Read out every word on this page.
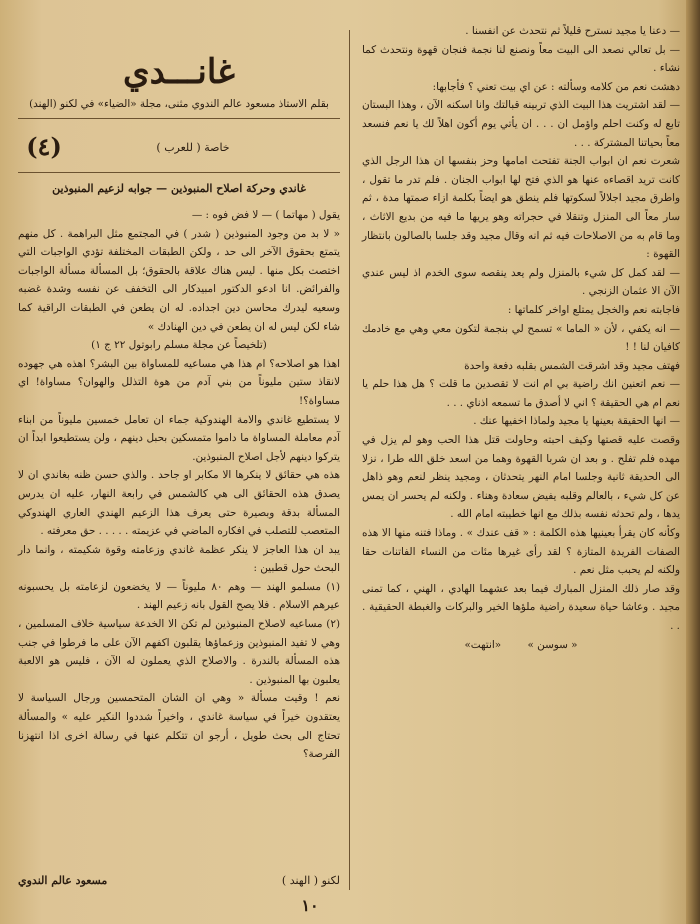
— دعنا يا مجيد نسترح قليلاً ثم نتحدث عن انفسنا .

— بل تعالي نصعد الى البيت معاً ونصنع لنا نجمة فنجان قهوة ونتحدث كما نشاء .

دهشت نعم من كلامه وسألته : عن اي بيت تعني ؟ فأجابها:

— لقد اشتريت هذا البيت الذي تربينه قبالتك وانا اسكنه الآن ، وهذا البستان تابع له وكنت احلم واؤمل ان . . . ان يأتي يوم أكون اهلاً لك يا نعم فنسعد معاً بحياتنا المشتركة . . .

شعرت نعم ان ابواب الجنة تفتحت امامها وحز بنفسها ان هذا الرجل الذي كانت تريد اقصاءه عنها هو الذي فتح لها ابواب الجنان . فلم تدر ما تقول ، واطرق مجيد اجلالاً لسكوتها فلم ينطق هو ايضاً بكلمة ازاء صمتها مدة ، ثم سار معاً الى المنزل وتنقلا في حجراته وهو يريها ما فيه من بديع الاثاث ، وما قام به من الاصلاحات فيه ثم انه وقال مجيد وقد جلسا بالصالون بانتظار القهوة :

— لقد كمل كل شيء بالمنزل ولم يعد ينقصه سوى الخدم اذ ليس عندي الآن الا عثمان الزنجي .

فاجابته نعم والخجل يمتلع اواخر كلماتها :

— انه يكفي ، لأن « الماما » تسمح لي بنجمة لتكون معي وهي مع خادمك كافيان لنا ! !

فهتف مجيد وقد اشرقت الشمس بقلبه دفعة واحدة

— نعم اتعنين انك راضية بي ام انت لا تقصدين ما قلت ؟ هل هذا حلم يا نعم ام هي الحقيقة ؟ اني لا أصدق ما تسمعه اذناي . . .

— انها الحقيقة بعينها يا مجيد ولماذا اخفيها عنك .

وقصت عليه قصتها وكيف احبته وحاولت قتل هذا الحب وهو لم يزل في مهده فلم تفلح . و بعد ان شربا القهوة وهما من اسعد خلق الله طرا ، نزلا الى الحديقة ثانية وجلسا امام النهر يتحدثان ، ومجيد ينظر لنعم وهو ذاهل عن كل شيء ، بالعالم وقلبه يفيض سعادة وهناء . ولكنه لم يحسر ان يمس يدها ، ولم تحدثه نفسه بذلك مع انها خطيبته امام الله .

وكأنه كان يقرأ بعينيها هذه الكلمة : « قف عندك » . وماذا فتنه منها الا هذه الصفات الفريدة المتازة ؟ لقد رأى غيرها مئات من النساء الفاتنات حقا ولكنه لم يحبب مثل نعم .

وقد صار ذلك المنزل المبارك فيما بعد عشهما الهادي ، الهني ، كما تمنى مجيد . وعاشا حياة سعيدة راضية ملؤها الخير والبركات والغبطة الحقيقية . . .

« سوسن »        «انتهت»

غانـــدي
بقلم الاستاذ مسعود عالم الندوي مثنى، مجلة «الضياء» في لكنو (الهند)
(٤)	خاصة ( للعرب )
غاندي وحركة اصلاح المنبوذين — جوابه لزعيم المنبوذين

يقول ( مهاتما ) — لا فض فوه : —

« لا بد من وجود المنبوذين ( شدر ) في المجتمع مثل البراهمة . كل منهم يتمتع بحقوق الآخر الى حد ، ولكن الطبقات المختلفة تؤدي الواجبات التي اختصت بكل منها . ليس هناك علاقة بالحقوق؛ بل المسألة مسألة الواجبات والفرائض. انا ادعو الدكتور امبيدكار الى التخفف عن نفسه وشدة غضبه وسعيه ليدرك محاسن دين اجداده. له ان يطعن في الطبقات الراقية كما شاء لكن ليس له ان يطعن في دين الهنادك »

(تلخيصاً عن مجلة مسلم رابوتول ٢٢ ج ١)

اهذا هو اصلاحه؟ ام هذا هي مساعيه للمساواة بين البشر؟ اهذه هي جهوده لانقاذ ستين مليوناً من بني آدم من هوة التذلل والهوان؟ مساواة! اي مساواة؟!

لا يستطيع غاندي والامة الهندوكية جماء ان تعامل خمسين مليوناً من ابناء آدم معاملة المساواة ما داموا متمسكين بحبل دينهم ، ولن يستطيعوا ابداً ان يتركوا دينهم لأجل اصلاح المنبوذين.

هذه هي حقائق لا ينكرها الا مكابر او جاحد . والذي حسن ظنه بغاندي ان لا يصدق هذه الحقائق الى هي كالشمس في رابعة النهار، عليه ان يدرس المسألة بدقة وبصيرة حتى يعرف هذا الزعيم الهندي العاري الهندوكي المتعصب للتصلب في افكاره الماضي في عزيمته . . . . . حق معرفته .

يبد ان هذا العاجز لا ينكر عظمة غاندي وزعامته وقوة شكيمته ، وانما دار البحث حول قطبين :

(١) مسلمو الهند — وهم ٨٠ مليوناً — لا يخضعون لزعامته بل يحسبونه عيرهم الاسلام . فلا يصح القول بانه زعيم الهند .

(٢) مساعيه لاصلاح المنبوذين لم تكن الا الخدعة سياسية خلاف المسلمين ، وهي لا تفيد المنبوذين وزعماؤها يقلبون اكفهم الآن على ما فرطوا في جنب هذه المسألة بالندرة . والاصلاح الذي يعملون له الآن ، فليس هو الالعبة يعلبون بها المنبوذين .

نعم ! وقيت مسألة « وهي ان الشان المتحمسين ورجال السياسة لا يعتقدون خيراً في سياسة غاندي ، واخيراً شددوا النكير عليه » والمسألة تحتاج الى بحث طويل ، أرجو ان تتكلم عنها في رسالة اخرى اذا انتهزنا الفرصة؟

لكنو ( الهند )
مسعود عالم الندوي
١٠
